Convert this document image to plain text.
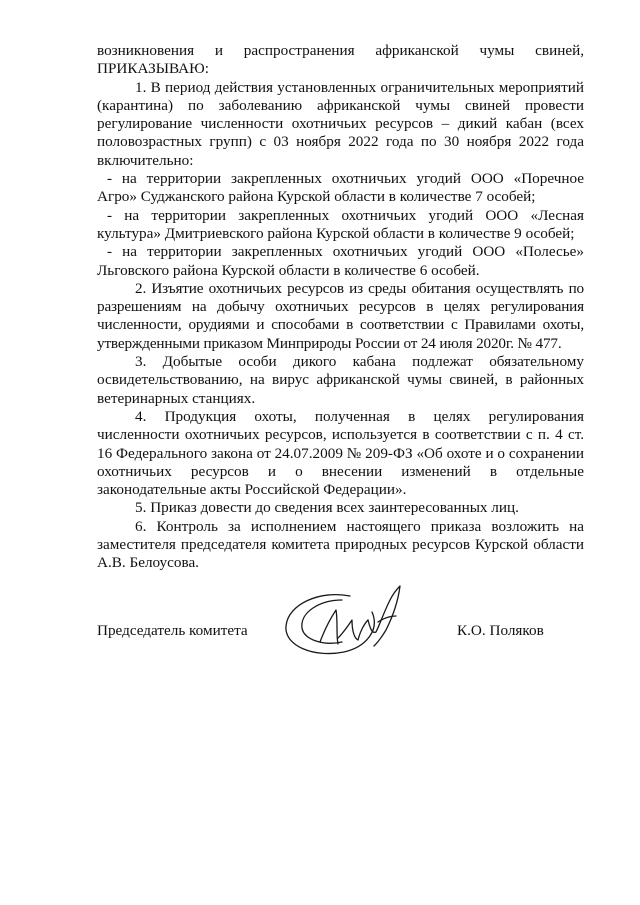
возникновения и распространения африканской чумы свиней,

ПРИКАЗЫВАЮ:

1. В период действия установленных ограничительных мероприятий (карантина) по заболеванию африканской чумы свиней провести регулирование численности охотничьих ресурсов – дикий кабан (всех половозрастных групп) с 03 ноября 2022 года по 30 ноября 2022 года включительно:

- на территории закрепленных охотничьих угодий ООО «Поречное Агро» Суджанского района Курской области в количестве 7 особей;

- на территории закрепленных охотничьих угодий ООО «Лесная культура» Дмитриевского района Курской области в количестве 9 особей;

- на территории закрепленных охотничьих угодий ООО «Полесье» Льговского района Курской области в количестве 6 особей.

2. Изъятие охотничьих ресурсов из среды обитания осуществлять по разрешениям на добычу охотничьих ресурсов в целях регулирования численности, орудиями и способами в соответствии с Правилами охоты, утвержденными приказом Минприроды России от 24 июля 2020г. № 477.

3. Добытые особи дикого кабана подлежат обязательному освидетельствованию, на вирус африканской чумы свиней, в районных ветеринарных станциях.

4. Продукция охоты, полученная в целях регулирования численности охотничьих ресурсов, используется в соответствии с п. 4 ст. 16 Федерального закона от 24.07.2009 № 209-ФЗ «Об охоте и о сохранении охотничьих ресурсов и о внесении изменений в отдельные законодательные акты Российской Федерации».

5. Приказ довести до сведения всех заинтересованных лиц.

6. Контроль за исполнением настоящего приказа возложить на заместителя председателя комитета природных ресурсов Курской области А.В. Белоусова.

Председатель комитета	К.О. Поляков
